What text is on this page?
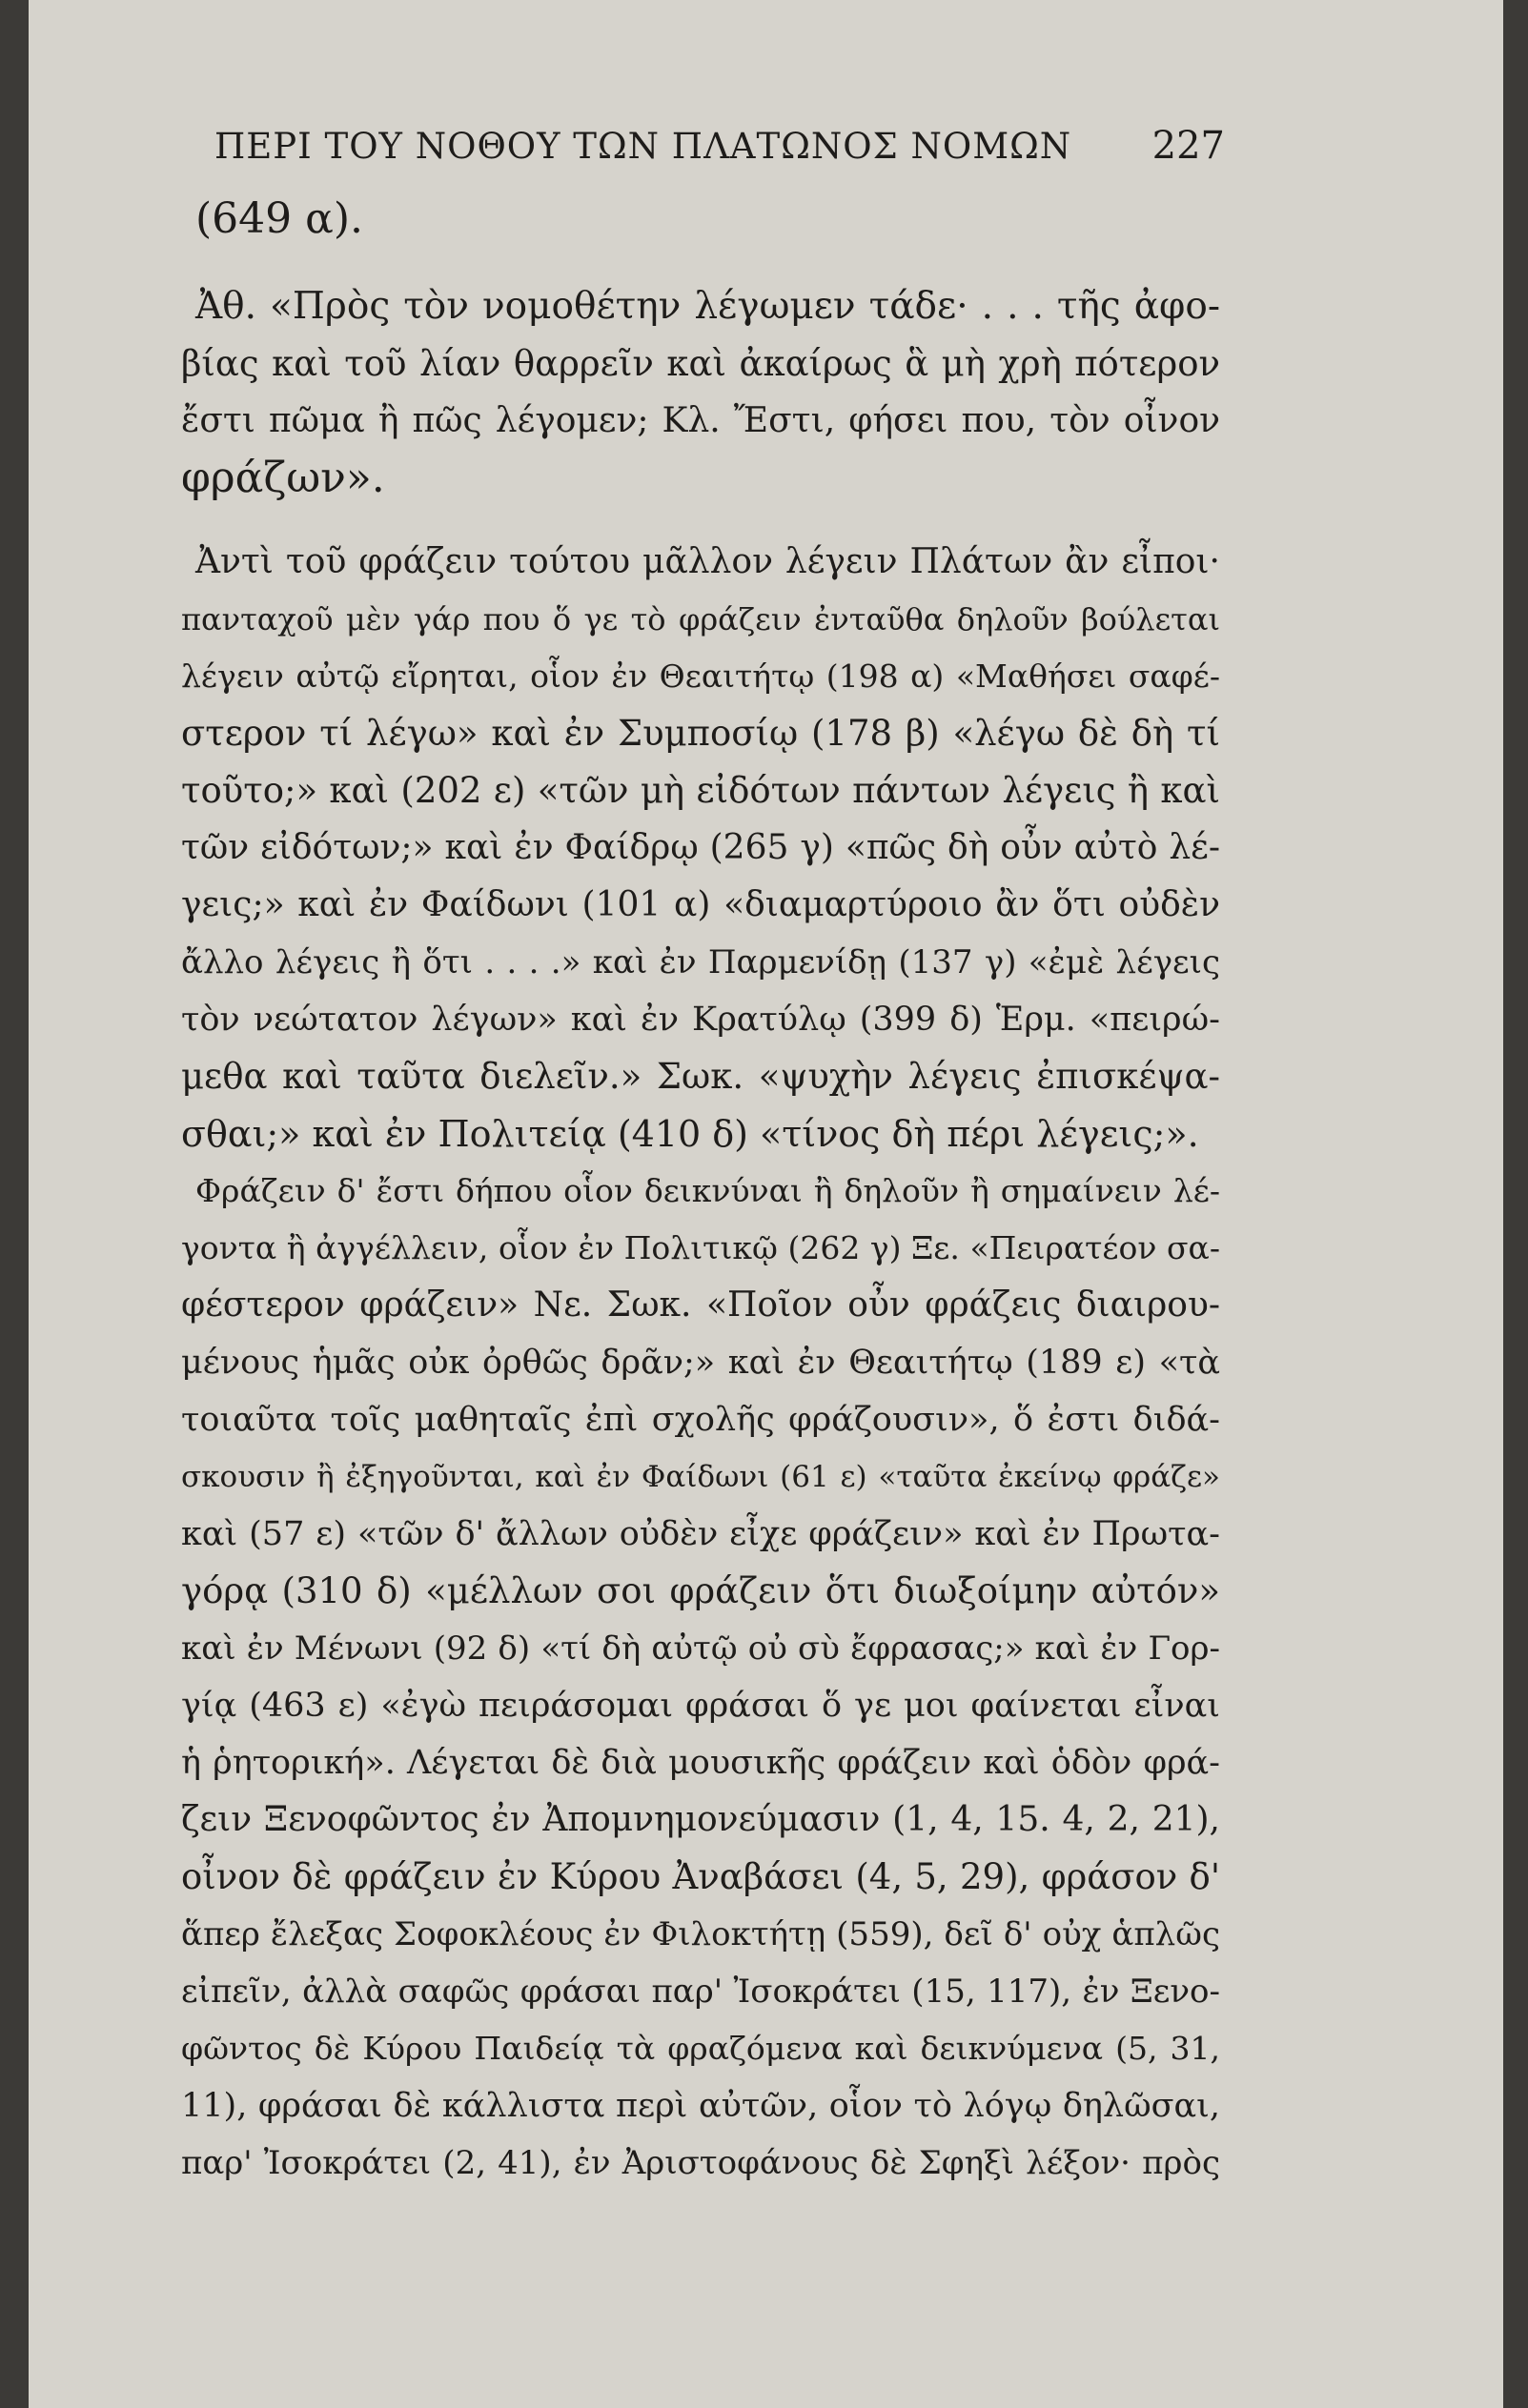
ΠΕΡΙ ΤΟΥ ΝΟΘΟΥ ΤΩΝ ΠΛΑΤΩΝΟΣ ΝΟΜΩΝ 227
(649 α).
Ἀθ. «Πρὸς τὸν νομοθέτην λέγωμεν τάδε· . . . τῆς ἀφο-
βίας καὶ τοῦ λίαν θαρρεῖν καὶ ἀκαίρως ἃ μὴ χρὴ πότερον
ἔστι πῶμα ἢ πῶς λέγομεν; Κλ. Ἔστι, φήσει που, τὸν οἶνον
φράζων».
Ἀντὶ τοῦ φράζειν τούτου μᾶλλον λέγειν Πλάτων ἂν εἶποι·
πανταχοῦ μὲν γάρ που ὅ γε τὸ φράζειν ἐνταῦθα δηλοῦν βούλεται
λέγειν αὐτῷ εἴρηται, οἷον ἐν Θεαιτήτῳ (198 α) «Μαθήσει σαφέ-
στερον τί λέγω» καὶ ἐν Συμποσίῳ (178 β) «λέγω δὲ δὴ τί
τοῦτο;» καὶ (202 ε) «τῶν μὴ εἰδότων πάντων λέγεις ἢ καὶ
τῶν εἰδότων;» καὶ ἐν Φαίδρῳ (265 γ) «πῶς δὴ οὖν αὐτὸ λέ-
γεις;» καὶ ἐν Φαίδωνι (101 α) «διαμαρτύροιο ἂν ὅτι οὐδὲν
ἄλλο λέγεις ἢ ὅτι . . . .» καὶ ἐν Παρμενίδῃ (137 γ) «ἐμὲ λέγεις
τὸν νεώτατον λέγων» καὶ ἐν Κρατύλῳ (399 δ) Ἑρμ. «πειρώ-
μεθα καὶ ταῦτα διελεῖν.» Σωκ. «ψυχὴν λέγεις ἐπισκέψα-
σθαι;» καὶ ἐν Πολιτείᾳ (410 δ) «τίνος δὴ πέρι λέγεις;».
Φράζειν δ' ἔστι δήπου οἷον δεικνύναι ἢ δηλοῦν ἢ σημαίνειν λέ-
γοντα ἢ ἀγγέλλειν, οἷον ἐν Πολιτικῷ (262 γ) Ξε. «Πειρατέον σα-
φέστερον φράζειν» Νε. Σωκ. «Ποῖον οὖν φράζεις διαιρου-
μένους ἡμᾶς οὐκ ὀρθῶς δρᾶν;» καὶ ἐν Θεαιτήτῳ (189 ε) «τὰ
τοιαῦτα τοῖς μαθηταῖς ἐπὶ σχολῆς φράζουσιν», ὅ ἐστι διδά-
σκουσιν ἢ ἐξηγοῦνται, καὶ ἐν Φαίδωνι (61 ε) «ταῦτα ἐκείνῳ φράζε»
καὶ (57 ε) «τῶν δ' ἄλλων οὐδὲν εἶχε φράζειν» καὶ ἐν Πρωτα-
γόρᾳ (310 δ) «μέλλων σοι φράζειν ὅτι διωξοίμην αὐτόν»
καὶ ἐν Μένωνι (92 δ) «τί δὴ αὐτῷ οὐ σὺ ἔφρασας;» καὶ ἐν Γορ-
γίᾳ (463 ε) «ἐγὼ πειράσομαι φράσαι ὅ γε μοι φαίνεται εἶναι
ἡ ῥητορική». Λέγεται δὲ διὰ μουσικῆς φράζειν καὶ ὁδὸν φρά-
ζειν Ξενοφῶντος ἐν Ἀπομνημονεύμασιν (1, 4, 15. 4, 2, 21),
οἶνον δὲ φράζειν ἐν Κύρου Ἀναβάσει (4, 5, 29), φράσον δ'
ἅπερ ἔλεξας Σοφοκλέους ἐν Φιλοκτήτῃ (559), δεῖ δ' οὐχ ἁπλῶς
εἰπεῖν, ἀλλὰ σαφῶς φράσαι παρ' Ἰσοκράτει (15, 117), ἐν Ξενο-
φῶντος δὲ Κύρου Παιδείᾳ τὰ φραζόμενα καὶ δεικνύμενα (5, 31,
11), φράσαι δὲ κάλλιστα περὶ αὐτῶν, οἷον τὸ λόγῳ δηλῶσαι,
παρ' Ἰσοκράτει (2, 41), ἐν Ἀριστοφάνους δὲ Σφηξὶ λέξον· πρὸς
